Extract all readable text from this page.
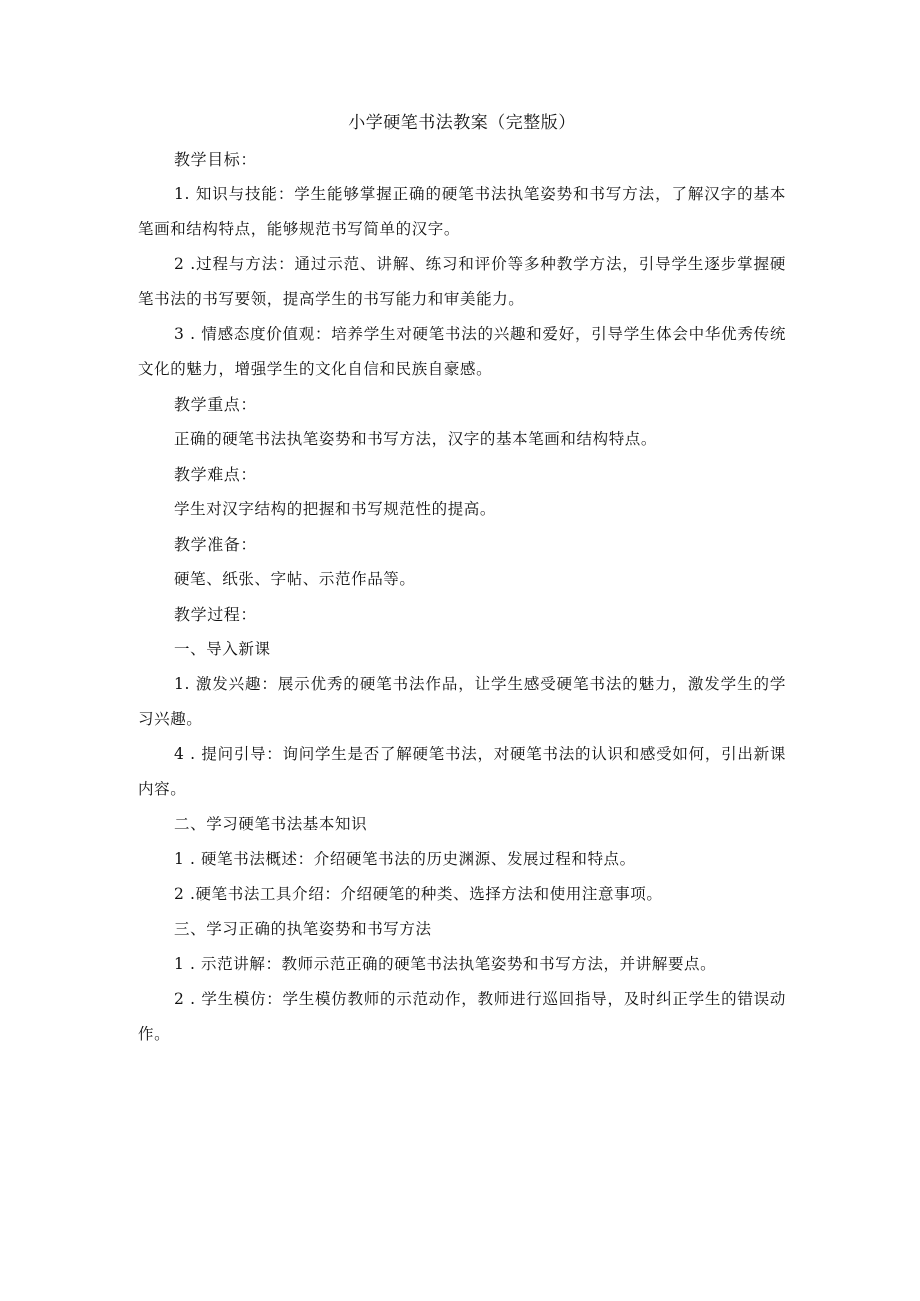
小学硬笔书法教案（完整版）

教学目标：

1. 知识与技能：学生能够掌握正确的硬笔书法执笔姿势和书写方法，了解汉字的基本笔画和结构特点，能够规范书写简单的汉字。

2 .过程与方法：通过示范、讲解、练习和评价等多种教学方法，引导学生逐步掌握硬笔书法的书写要领，提高学生的书写能力和审美能力。

3 . 情感态度价值观：培养学生对硬笔书法的兴趣和爱好，引导学生体会中华优秀传统文化的魅力，增强学生的文化自信和民族自豪感。

教学重点：

正确的硬笔书法执笔姿势和书写方法，汉字的基本笔画和结构特点。

教学难点：

学生对汉字结构的把握和书写规范性的提高。

教学准备：

硬笔、纸张、字帖、示范作品等。

教学过程：

一、导入新课

1. 激发兴趣：展示优秀的硬笔书法作品，让学生感受硬笔书法的魅力，激发学生的学习兴趣。

4 . 提问引导：询问学生是否了解硬笔书法，对硬笔书法的认识和感受如何，引出新课内容。

二、学习硬笔书法基本知识

1 . 硬笔书法概述：介绍硬笔书法的历史渊源、发展过程和特点。

2 .硬笔书法工具介绍：介绍硬笔的种类、选择方法和使用注意事项。

三、学习正确的执笔姿势和书写方法

1 . 示范讲解：教师示范正确的硬笔书法执笔姿势和书写方法，并讲解要点。

2 . 学生模仿：学生模仿教师的示范动作，教师进行巡回指导，及时纠正学生的错误动作。
